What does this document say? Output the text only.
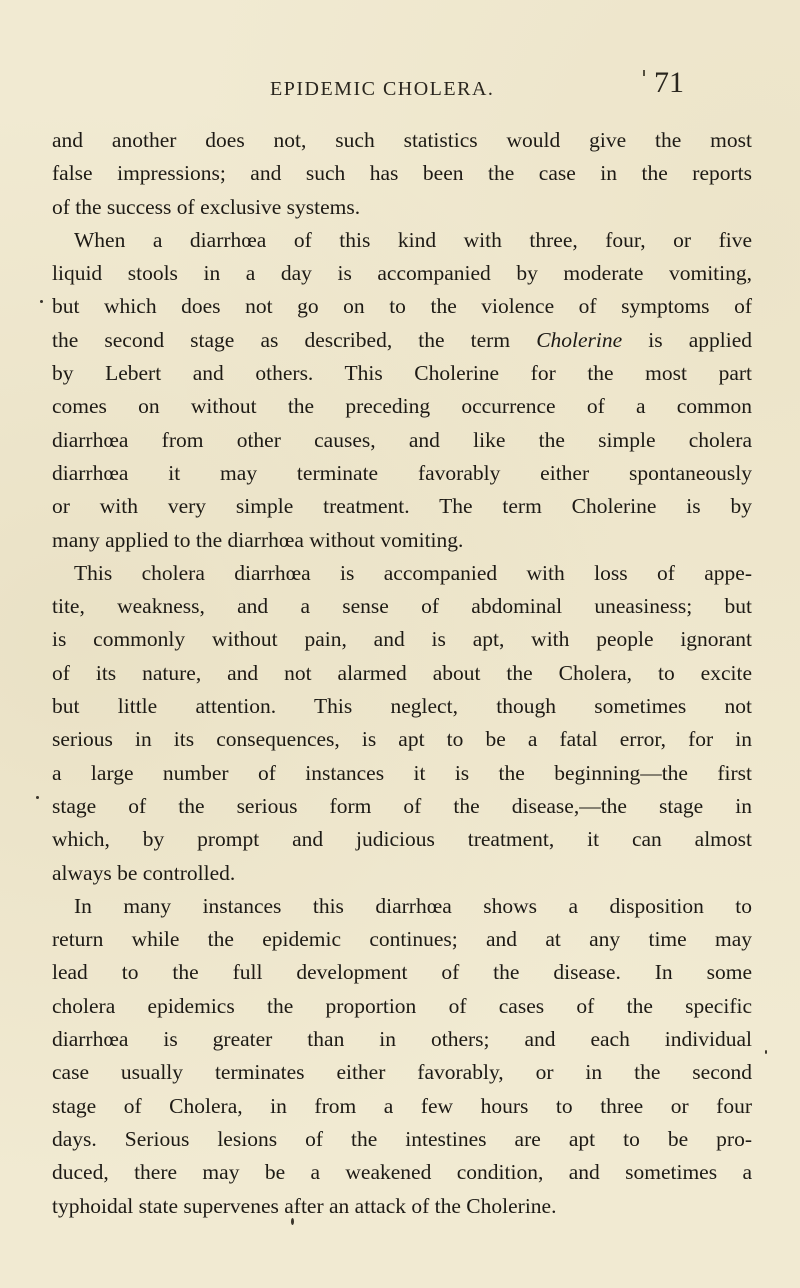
EPIDEMIC CHOLERA.	71
and another does not, such statistics would give the most
false impressions; and such has been the case in the reports
of the success of exclusive systems.
When a diarrhœa of this kind with three, four, or five
liquid stools in a day is accompanied by moderate vomiting,
but which does not go on to the violence of symptoms of
the second stage as described, the term Cholerine is applied
by Lebert and others. This Cholerine for the most part
comes on without the preceding occurrence of a common
diarrhœa from other causes, and like the simple cholera
diarrhœa it may terminate favorably either spontaneously
or with very simple treatment. The term Cholerine is by
many applied to the diarrhœa without vomiting.
This cholera diarrhœa is accompanied with loss of appe-
tite, weakness, and a sense of abdominal uneasiness; but
is commonly without pain, and is apt, with people ignorant
of its nature, and not alarmed about the Cholera, to excite
but little attention. This neglect, though sometimes not
serious in its consequences, is apt to be a fatal error, for in
a large number of instances it is the beginning—the first
stage of the serious form of the disease,—the stage in
which, by prompt and judicious treatment, it can almost
always be controlled.
In many instances this diarrhœa shows a disposition to
return while the epidemic continues; and at any time may
lead to the full development of the disease. In some
cholera epidemics the proportion of cases of the specific
diarrhœa is greater than in others; and each individual
case usually terminates either favorably, or in the second
stage of Cholera, in from a few hours to three or four
days. Serious lesions of the intestines are apt to be pro-
duced, there may be a weakened condition, and sometimes a
typhoidal state supervenes after an attack of the Cholerine.
